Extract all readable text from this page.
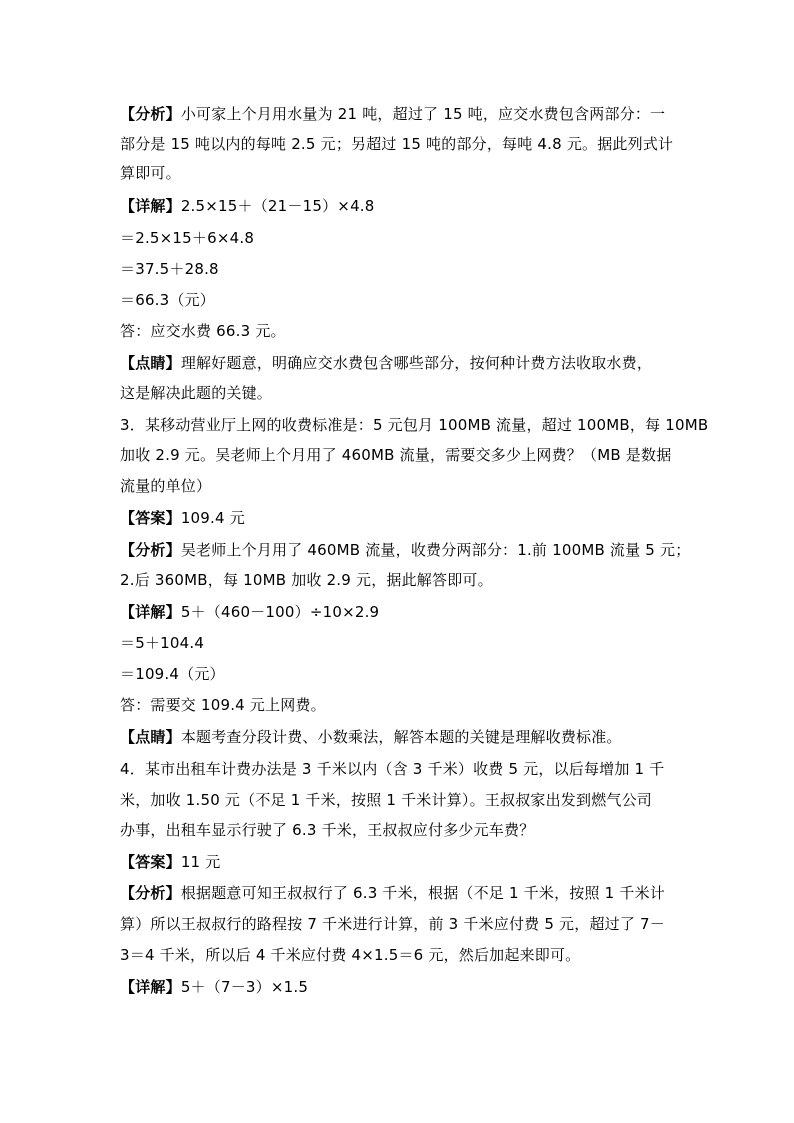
【分析】小可家上个月用水量为 21 吨，超过了 15 吨，应交水费包含两部分：一
部分是 15 吨以内的每吨 2.5 元；另超过 15 吨的部分，每吨 4.8 元。据此列式计
算即可。
【详解】2.5×15＋（21－15）×4.8
＝2.5×15＋6×4.8
＝37.5＋28.8
＝66.3（元）
答：应交水费 66.3 元。
【点睛】理解好题意，明确应交水费包含哪些部分，按何种计费方法收取水费，
这是解决此题的关键。
3．某移动营业厅上网的收费标准是：5 元包月 100MB 流量，超过 100MB，每 10MB
加收 2.9 元。吴老师上个月用了 460MB 流量，需要交多少上网费？（MB 是数据
流量的单位）
【答案】109.4 元
【分析】吴老师上个月用了 460MB 流量，收费分两部分：1.前 100MB 流量 5 元；
2.后 360MB，每 10MB 加收 2.9 元，据此解答即可。
【详解】5＋（460－100）÷10×2.9
＝5＋104.4
＝109.4（元）
答：需要交 109.4 元上网费。
【点睛】本题考查分段计费、小数乘法，解答本题的关键是理解收费标准。
4．某市出租车计费办法是 3 千米以内（含 3 千米）收费 5 元，以后每增加 1 千
米，加收 1.50 元（不足 1 千米，按照 1 千米计算）。王叔叔家出发到燃气公司
办事，出租车显示行驶了 6.3 千米，王叔叔应付多少元车费？
【答案】11 元
【分析】根据题意可知王叔叔行了 6.3 千米，根据（不足 1 千米，按照 1 千米计
算）所以王叔叔行的路程按 7 千米进行计算，前 3 千米应付费 5 元，超过了 7－
3＝4 千米，所以后 4 千米应付费 4×1.5＝6 元，然后加起来即可。
【详解】5＋（7－3）×1.5
